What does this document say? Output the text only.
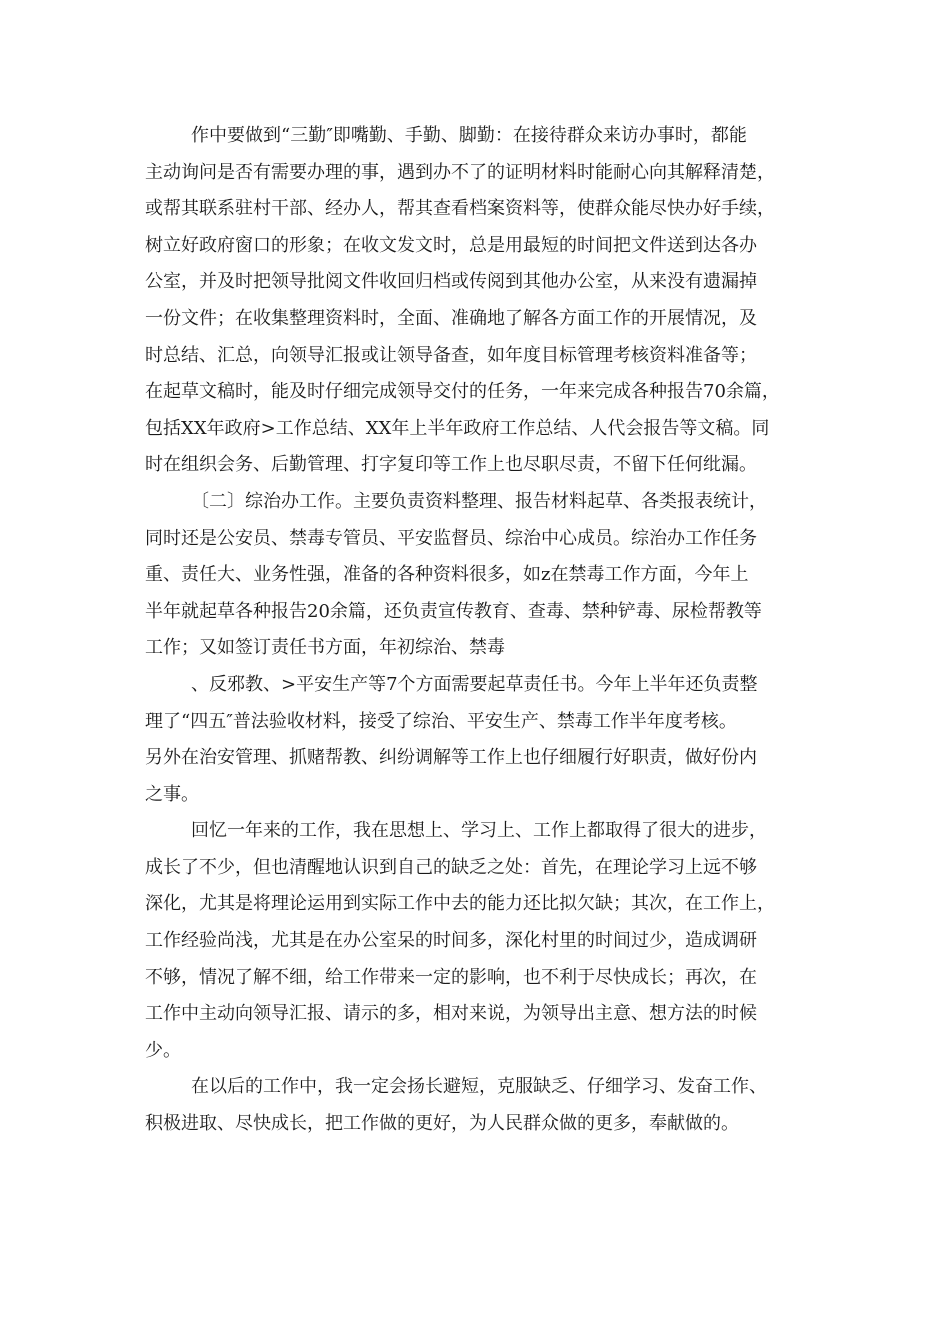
作中要做到“三勤″即嘴勤、手勤、脚勤：在接待群众来访办事时，都能
主动询问是否有需要办理的事，遇到办不了的证明材料时能耐心向其解释清楚，
或帮其联系驻村干部、经办人，帮其查看档案资料等，使群众能尽快办好手续，
树立好政府窗口的形象；在收文发文时，总是用最短的时间把文件送到达各办
公室，并及时把领导批阅文件收回归档或传阅到其他办公室，从来没有遗漏掉
一份文件；在收集整理资料时，全面、准确地了解各方面工作的开展情况，及
时总结、汇总，向领导汇报或让领导备查，如年度目标管理考核资料准备等；
在起草文稿时，能及时仔细完成领导交付的任务，一年来完成各种报告70余篇，
包括XX年政府>工作总结、XX年上半年政府工作总结、人代会报告等文稿。同
时在组织会务、后勤管理、打字复印等工作上也尽职尽责，不留下任何纰漏。
〔二〕综治办工作。主要负责资料整理、报告材料起草、各类报表统计，
同时还是公安员、禁毒专管员、平安监督员、综治中心成员。综治办工作任务
重、责任大、业务性强，准备的各种资料很多，如z在禁毒工作方面，今年上
半年就起草各种报告20余篇，还负责宣传教育、查毒、禁种铲毒、尿检帮教等
工作；又如签订责任书方面，年初综治、禁毒
、反邪教、>平安生产等7个方面需要起草责任书。今年上半年还负责整
理了“四五″普法验收材料，接受了综治、平安生产、禁毒工作半年度考核。
另外在治安管理、抓赌帮教、纠纷调解等工作上也仔细履行好职责，做好份内
之事。
回忆一年来的工作，我在思想上、学习上、工作上都取得了很大的进步，
成长了不少，但也清醒地认识到自己的缺乏之处：首先，在理论学习上远不够
深化，尤其是将理论运用到实际工作中去的能力还比拟欠缺；其次，在工作上，
工作经验尚浅，尤其是在办公室呆的时间多，深化村里的时间过少，造成调研
不够，情况了解不细，给工作带来一定的影响，也不利于尽快成长；再次，在
工作中主动向领导汇报、请示的多，相对来说，为领导出主意、想方法的时候
少。
在以后的工作中，我一定会扬长避短，克服缺乏、仔细学习、发奋工作、
积极进取、尽快成长，把工作做的更好，为人民群众做的更多，奉献做的。
